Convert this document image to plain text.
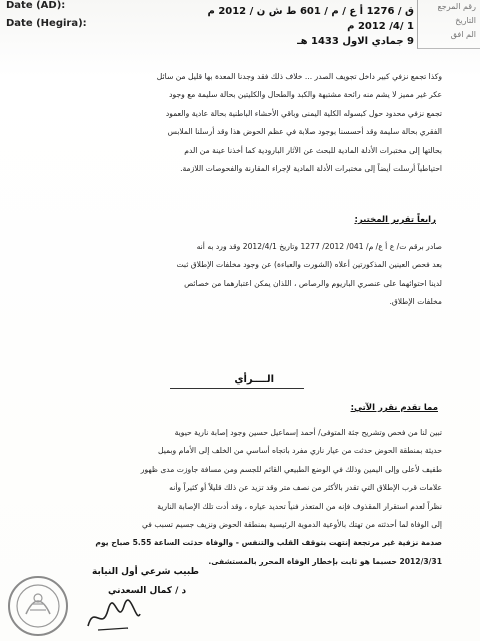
Date (AD):
Date (Hegira):
ق / 1276 أ ع / م / 601 ط ش ن / 2012 م
1 /4/ 2012 م
9 جمادي الاول 1433 هـ
رقم المرجع
التاريخ
الم افق
وكذا تجمع نزفي كبير داخل تجويف الصدر ... خلاف ذلك فقد وجدنا المعدة بها قليل من سائل
عكر غير مميز لا يشم منه رائحة مشتبهة والكبد والطحال والكليتين بحالة سليمة مع وجود
تجمع نزفي محدود حول كبسوله الكلية اليمنى وباقي الأحشاء الباطنية بحالة عادية والعمود
الفقري بحالة سليمة وقد أحسسنا بوجود صلابة في عظم الحوض هذا وقد أرسلنا الملابس
بحالتها إلى مختبرات الأدلة المادية للبحث عن الآثار البارودية كما أخذنا عينة من الدم
احتياطياً أرسلت أيضاً إلى مختبرات الأدلة المادية لإجراء المقارنة والفحوصات اللازمة.
رابعاً تقرير المختبر:
صادر برقم ت/ ع أ ع/ م/ 041/ 2012/ 1277 وتاريخ 2012/4/1 وقد ورد به أنه
بعد فحص العينين المذكورتين أعلاه (الشورت والعباءة) عن وجود مخلفات الإطلاق ثبت
لدينا احتوائهما على عنصري الباريوم والرصاص ، اللذان يمكن اعتبارهما من خصائص
مخلفات الإطلاق.
الــــرأي
مما تقدم نقرر الآتي:
تبين لنا من فحص وتشريح جثة المتوفى/ أحمد إسماعيل حسين وجود إصابة نارية حيوية
حديثة بمنطقة الحوض حدثت من عيار ناري مفرد باتجاه أساسي من الخلف إلى الأمام وبميل
طفيف لأعلى وإلى اليمين وذلك في الوضع الطبيعي القائم للجسم ومن مسافة جاوزت مدى ظهور
علامات قرب الإطلاق التي تقدر بالأكثر من نصف متر وقد تزيد عن ذلك قليلاً أو كثيراً وأنه
نظراً لعدم استقرار المقذوف فإنه من المتعذر فنياً تحديد عياره ، وقد أدت تلك الإصابة النارية
إلى الوفاة لما أحدثته من تهتك بالأوعية الدموية الرئيسية بمنطقة الحوض ونزيف جسيم تسبب في
صدمة نزفية غير مرتجعة إنتهت بتوقف القلب والتنفس - والوفاة حدثت الساعة 5.55 صباح يوم
2012/3/31 حسبما هو ثابت بإخطار الوفاة المحرر بالمستشفى.
طبيب شرعي أول النيابة
د / كمال السعدني
